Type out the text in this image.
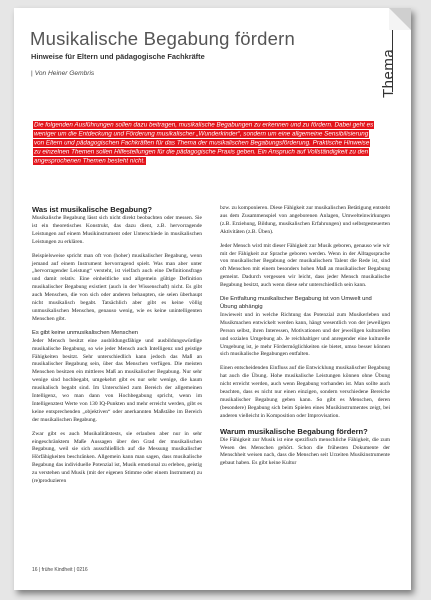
Musikalische Begabung fördern
Hinweise für Eltern und pädagogische Fachkräfte
| Von Heiner Gembris	Thema

Die folgenden Ausführungen sollen dazu beitragen, musikalische Begabungen zu erkennen und zu fördern. Dabei geht es weniger um die Entdeckung und Förderung musikalischer „Wunderkinder“, sondern um eine allgemeine Sensibilisierung von Eltern und pädagogischen Fachkräften für das Thema der musikalischen Begabungsförderung. Praktische Hinweise zu einzelnen Themen sollen Hilfestellungen für die pädagogische Praxis geben. Ein Anspruch auf Vollständigkeit zu den angesprochenen Themen besteht nicht.

Was ist musikalische Begabung?

Musikalische Begabung lässt sich nicht direkt beobachten oder messen. Sie ist ein theoretisches Konstrukt, das dazu dient, z.B. hervorragende Leistungen auf einem Musikinstrument oder Unterschiede in musikalischen Leistungen zu erklären.

Beispielsweise spricht man oft von (hoher) musikalischer Begabung, wenn jemand auf einem Instrument hervorragend spielt. Was man aber unter „hervorragender Leistung“ versteht, ist vielfach auch eine Definitionsfrage und damit relativ. Eine einheitliche und allgemein gültige Definition musikalischer Begabung existiert (auch in der Wissenschaft) nicht. Es gibt auch Menschen, die von sich oder anderen behaupten, sie seien überhaupt nicht musikalisch begabt. Tatsächlich aber gibt es keine völlig unmusikalischen Menschen, genauso wenig, wie es keine unintelligenten Menschen gibt.

Es gibt keine unmusikalischen Menschen

Jeder Mensch besitzt eine ausbildungsfähige und ausbildungswürdige musikalische Begabung, so wie jeder Mensch auch Intelligenz und geistige Fähigkeiten besitzt. Sehr unterschiedlich kann jedoch das Maß an musikalischer Begabung sein, über das Menschen verfügen. Die meisten Menschen besitzen ein mittleres Maß an musikalischer Begabung. Nur sehr wenige sind hochbegabt, umgekehrt gibt es nur sehr wenige, die kaum musikalisch begabt sind. Im Unterschied zum Bereich der allgemeinen Intelligenz, wo man dann von Hochbegabung spricht, wenn im Intelligenztest Werte von 130 IQ-Punkten und mehr erreicht werden, gibt es keine entsprechenden „objektiven“ oder anerkannten Maßstäbe im Bereich der musikalischen Begabung.

Zwar gibt es auch Musikalitätstests, sie erlauben aber nur in sehr eingeschränktem Maße Aussagen über den Grad der musikalischen Begabung, weil sie sich ausschließlich auf die Messung musikalischer Hörfähigkeiten beschränken. Allgemein kann man sagen, dass musikalische Begabung das individuelle Potenzial ist, Musik emotional zu erleben, geistig zu verstehen und Musik (mit der eigenen Stimme oder einem Instrument) zu (re)produzieren

bzw. zu komponieren. Diese Fähigkeit zur musikalischen Betätigung entsteht aus dem Zusammenspiel von angeborenen Anlagen, Umwelteinwirkungen (z.B. Erziehung, Bildung, musikalischen Erfahrungen) und selbstgesteuerten Aktivitäten (z.B. Üben).

Jeder Mensch wird mit dieser Fähigkeit zur Musik geboren, genauso wie wir mit der Fähigkeit zur Sprache geboren werden. Wenn in der Alltagssprache von musikalischer Begabung oder musikalischem Talent die Rede ist, sind oft Menschen mit einem besonders hohen Maß an musikalischer Begabung gemeint. Dadurch vergessen wir leicht, dass jeder Mensch musikalische Begabung besitzt, auch wenn diese sehr unterschiedlich sein kann.

Die Entfaltung musikalischer Begabung ist von Umwelt und Übung abhängig

Inwieweit und in welche Richtung das Potenzial zum Musikerleben und Musikmachen entwickelt werden kann, hängt wesentlich von der jeweiligen Person selbst, ihren Interessen, Motivationen und der jeweiligen kulturellen und sozialen Umgebung ab. Je reichhaltiger und anregender eine kulturelle Umgebung ist, je mehr Fördermöglichkeiten sie bietet, umso besser können sich musikalische Begabungen entfalten.

Einen entscheidenden Einfluss auf die Entwicklung musikalischer Begabung hat auch die Übung. Hohe musikalische Leistungen können ohne Übung nicht erreicht werden, auch wenn Begabung vorhanden ist. Man sollte auch beachten, dass es nicht nur einen einzigen, sondern verschiedene Bereiche musikalischer Begabung geben kann. So gibt es Menschen, deren (besondere) Begabung sich beim Spielen eines Musikinstrumentes zeigt, bei anderen vielleicht in Komposition oder Improvisation.

Warum musikalische Begabung fördern?

Die Fähigkeit zur Musik ist eine spezifisch menschliche Fähigkeit, die zum Wesen des Menschen gehört. Schon die frühesten Dokumente der Menschheit weisen nach, dass die Menschen seit Urzeiten Musikinstrumente gebaut haben. Es gibt keine Kultur

16 | frühe Kindheit | 0216
